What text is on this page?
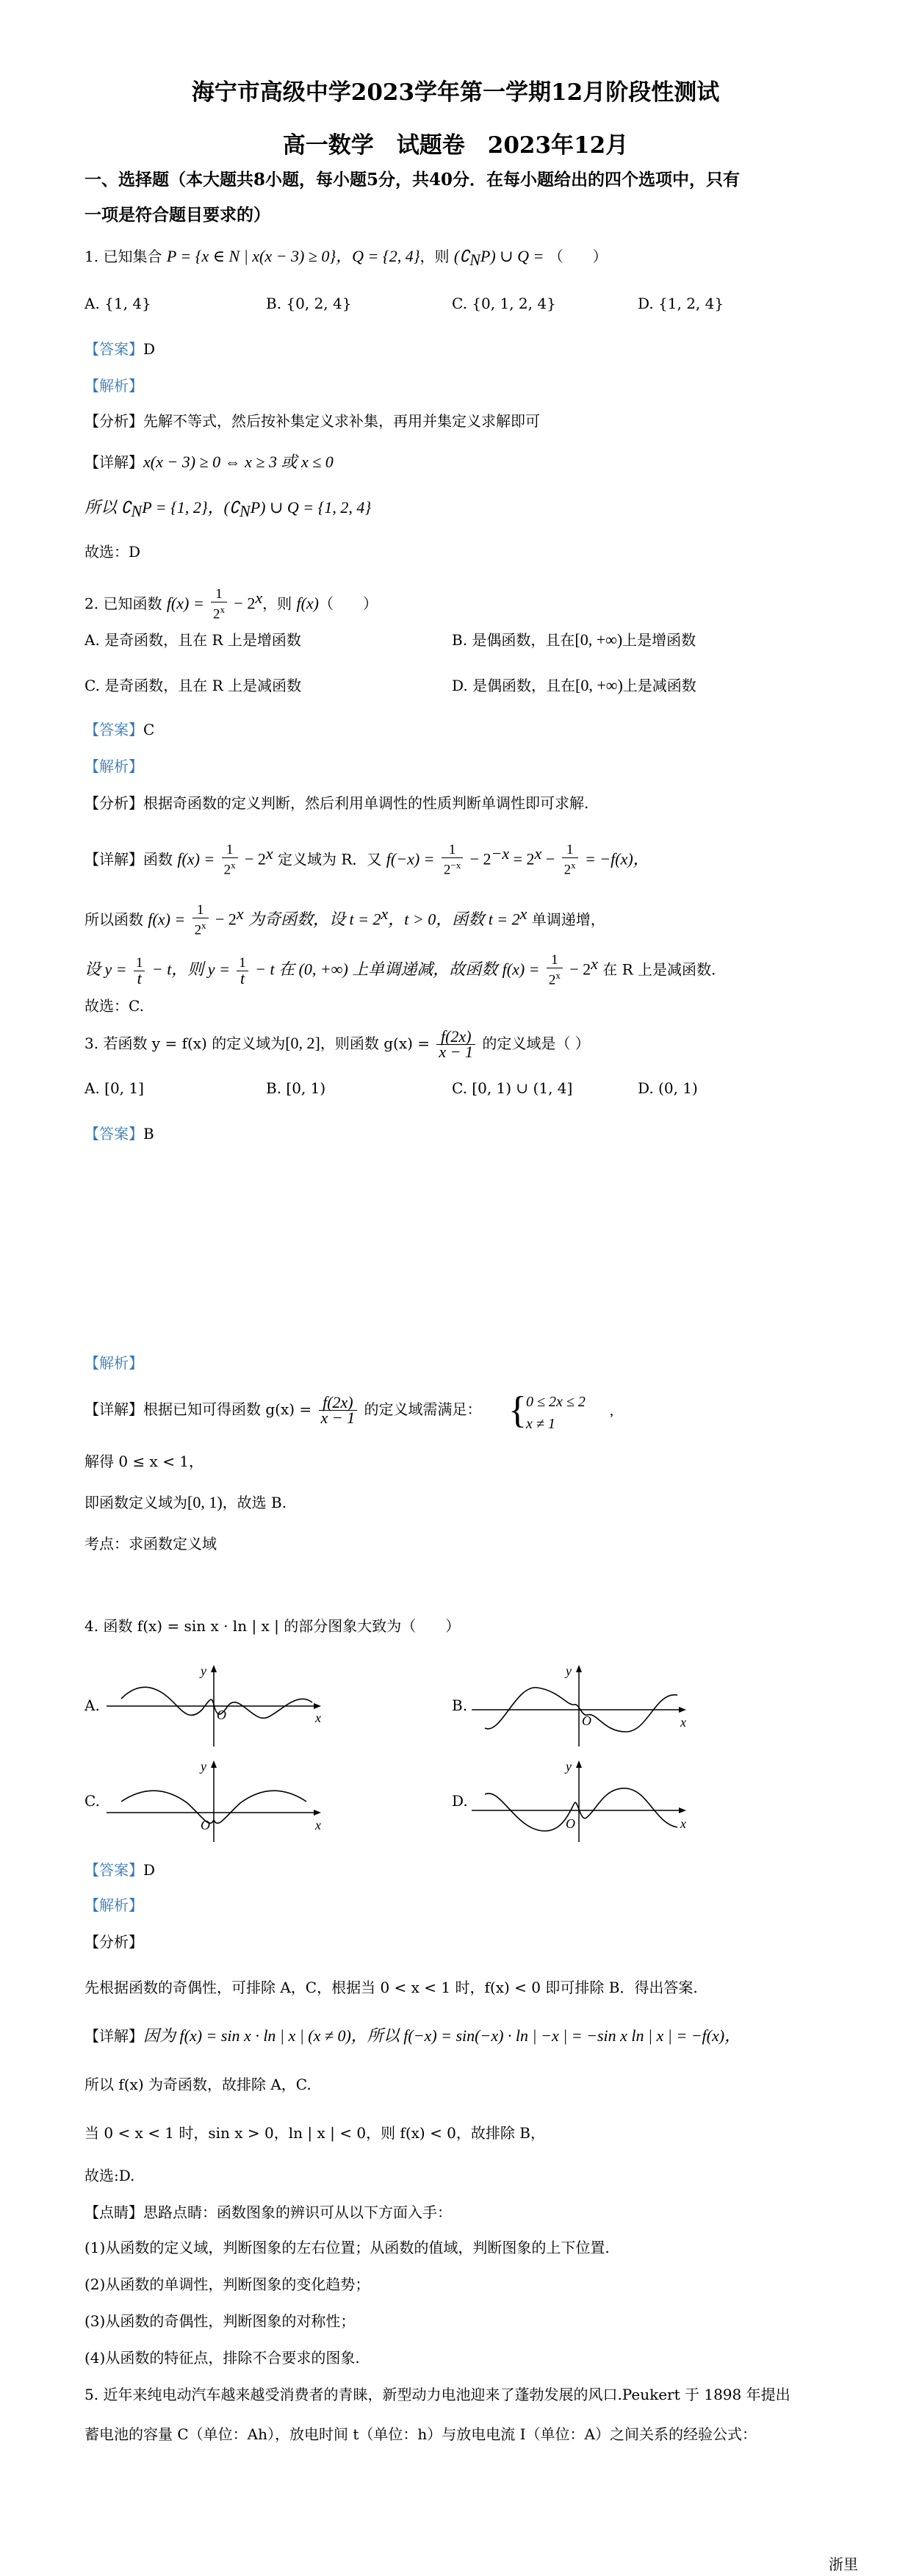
海宁市高级中学2023学年第一学期12月阶段性测试
高一数学　试题卷　2023年12月
一、选择题（本大题共8小题，每小题5分，共40分．在每小题给出的四个选项中，只有
一项是符合题目要求的）
1. 已知集合 P = {x ∈ N | x(x − 3) ≥ 0}，Q = {2, 4}，则 $(∁_NP)$ ∪ Q = （　　）
A. {1, 4}	B. {0, 2, 4}	C. {0, 1, 2, 4}	D. {1, 2, 4}
【答案】D
【解析】
【分析】先解不等式，然后按补集定义求补集，再用并集定义求解即可
【详解】x(x − 3) ≥ 0 ⇔ x ≥ 3 或 x ≤ 0
所以 $∁_NP = \{1$, 2}，$(∁_NP)$ ∪ Q = {1, 2, 4}
故选：D
2. 已知函数 $f(x) = \frac{1}{2^x} - 2^x$，则 f(x)（　　）
A. 是奇函数，且在 R 上是增函数	B. 是偶函数，且在[0, +∞)上是增函数
C. 是奇函数，且在 R 上是减函数	D. 是偶函数，且在[0, +∞)上是减函数
【答案】C
【解析】
【分析】根据奇函数的定义判断，然后利用单调性的性质判断单调性即可求解.
【详解】函数 $f(x) = \frac{1}{2^x} - 2^x$ 定义域为 R．又 $f(-x) = \frac{1}{2^{-x}} - 2^{-x} = 2^x - \frac{1}{2^x} = -f(x)$，
所以函数 $f(x) = \frac{1}{2^x} - 2^x$ 为奇函数，设 $t = 2^x$，t > 0，函数 $t = 2^x$ 单调递增，
设 $y = \frac{1}{t} - t$，则 $y = \frac{1}{t} - t$ 在 (0, +∞) 上单调递减，故函数 $f(x) = \frac{1}{2^x} - 2^x$ 在 R 上是减函数.
故选：C.
3. 若函数 y = f(x) 的定义域为[0, 2]，则函数 $g(x) = \frac{f(2x)}{x - 1}$ 的定义域是（ ）
A. [0, 1]	B. [0, 1)	C. [0, 1) ∪ (1, 4]	D. (0, 1)
【答案】B
【解析】
【详解】根据已知可得函数 $g(x) = \frac{f(2x)}{x - 1}$ 的定义域需满足： { 0 ≤ 2x ≤ 2
x ≠ 1
,
解得 0 ≤ x < 1，
即函数定义域为[0, 1)，故选 B.
考点：求函数定义域
4. 函数 f(x) = sin x · ln | x | 的部分图象大致为（　　）
A.
y
x
O
B.
y
x
O
C.
y
x
O
D.
y
x
O
【答案】D
【解析】
【分析】
先根据函数的奇偶性，可排除 A，C，根据当 0 < x < 1 时，f(x) < 0 即可排除 B．得出答案.
【详解】因为 f(x) = sin x · ln | x | (x ≠ 0)，所以 f(−x) = sin(−x) · ln | −x | = −sin x ln | x | = −f(x)，
所以 f(x) 为奇函数，故排除 A，C.
当 0 < x < 1 时，sin x > 0，ln | x | < 0，则 f(x) < 0，故排除 B，
故选:D.
【点睛】思路点睛：函数图象的辨识可从以下方面入手：
(1)从函数的定义域，判断图象的左右位置；从函数的值域，判断图象的上下位置.
(2)从函数的单调性，判断图象的变化趋势；
(3)从函数的奇偶性，判断图象的对称性；
(4)从函数的特征点，排除不合要求的图象.
5. 近年来纯电动汽车越来越受消费者的青睐，新型动力电池迎来了蓬勃发展的风口.Peukert 于 1898 年提出
蓄电池的容量 C（单位：Ah），放电时间 t（单位：h）与放电电流 I（单位：A）之间关系的经验公式：
浙里
